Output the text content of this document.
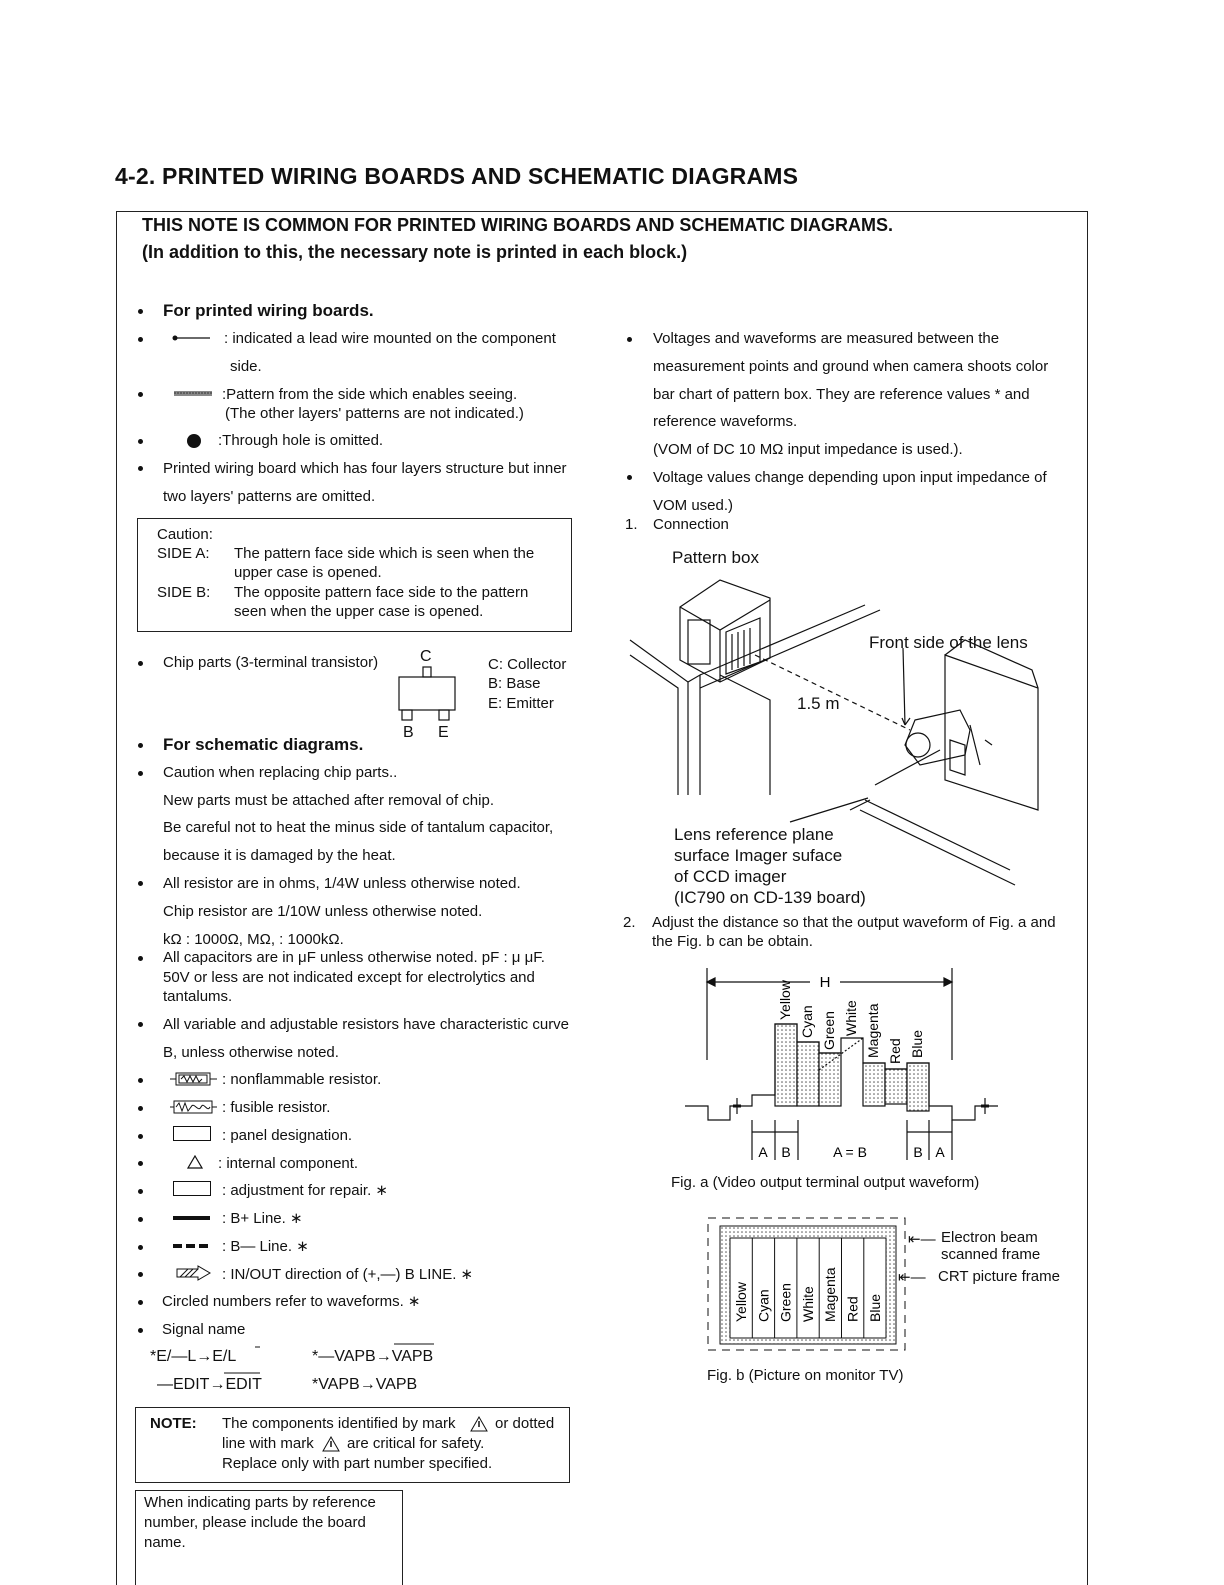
4-2. PRINTED WIRING BOARDS AND SCHEMATIC DIAGRAMS
THIS NOTE IS COMMON FOR PRINTED WIRING BOARDS AND SCHEMATIC DIAGRAMS.
(In addition to this, the necessary note is printed in each block.)
For printed wiring boards.
: indicated a lead wire mounted on the component
side.
:Pattern from the side which enables seeing.
(The other layers' patterns are not indicated.)
:Through hole is omitted.
Printed wiring board which has four layers structure but inner
two layers' patterns are omitted.
Caution:
SIDE A: The pattern face side which is seen when the
upper case is opened.
SIDE B: The opposite pattern face side to the pattern
seen when the upper case is opened.
Chip parts (3-terminal transistor)	C
B E
C: Collector
B: Base
E: Emitter
For schematic diagrams.
Caution when replacing chip parts..
New parts must be attached after removal of chip.
Be careful not to heat the minus side of tantalum capacitor,
because it is damaged by the heat.
All resistor are in ohms, 1/4W unless otherwise noted.
Chip resistor are 1/10W unless otherwise noted.
kΩ : 1000Ω, MΩ, : 1000kΩ.
All capacitors are in μF unless otherwise noted. pF : μ μF.
50V or less are not indicated except for electrolytics and
tantalums.
All variable and adjustable resistors have characteristic curve
B, unless otherwise noted.
: nonflammable resistor.
: fusible resistor.
: panel designation.
: internal component.
: adjustment for repair. ∗
: B+ Line. ∗
: B— Line. ∗
: IN/OUT direction of (+,—) B LINE. ∗
Circled numbers refer to waveforms. ∗
Signal name
*E/—L→E/L	*—VAPB→VAPB
—EDIT→EDIT	*VAPB→VAPB
NOTE: The components identified by mark	or dotted
line with mark are critical for safety.
Replace only with part number specified.
When indicating parts by reference
number, please include the board
name.
Voltages and waveforms are measured between the
measurement points and ground when camera shoots color
bar chart of pattern box. They are reference values * and
reference waveforms.
(VOM of DC 10 MΩ input impedance is used.).
Voltage values change depending upon input impedance of
VOM used.)
1. Connection
Pattern box
Front side of the lens
1.5 m
Lens reference plane
surface Imager suface
of CCD imager
(IC790 on CD-139 board)
2. Adjust the distance so that the output waveform of Fig. a and
the Fig. b can be obtain.
H
A B	A = B	B A
Yellow
Cyan Green White Magenta Red Blue
Fig. a (Video output terminal output waveform)
Yellow Cyan Green White Magenta Red Blue
⇤— Electron beam
scanned frame
⇤— CRT picture frame
Fig. b (Picture on monitor TV)
